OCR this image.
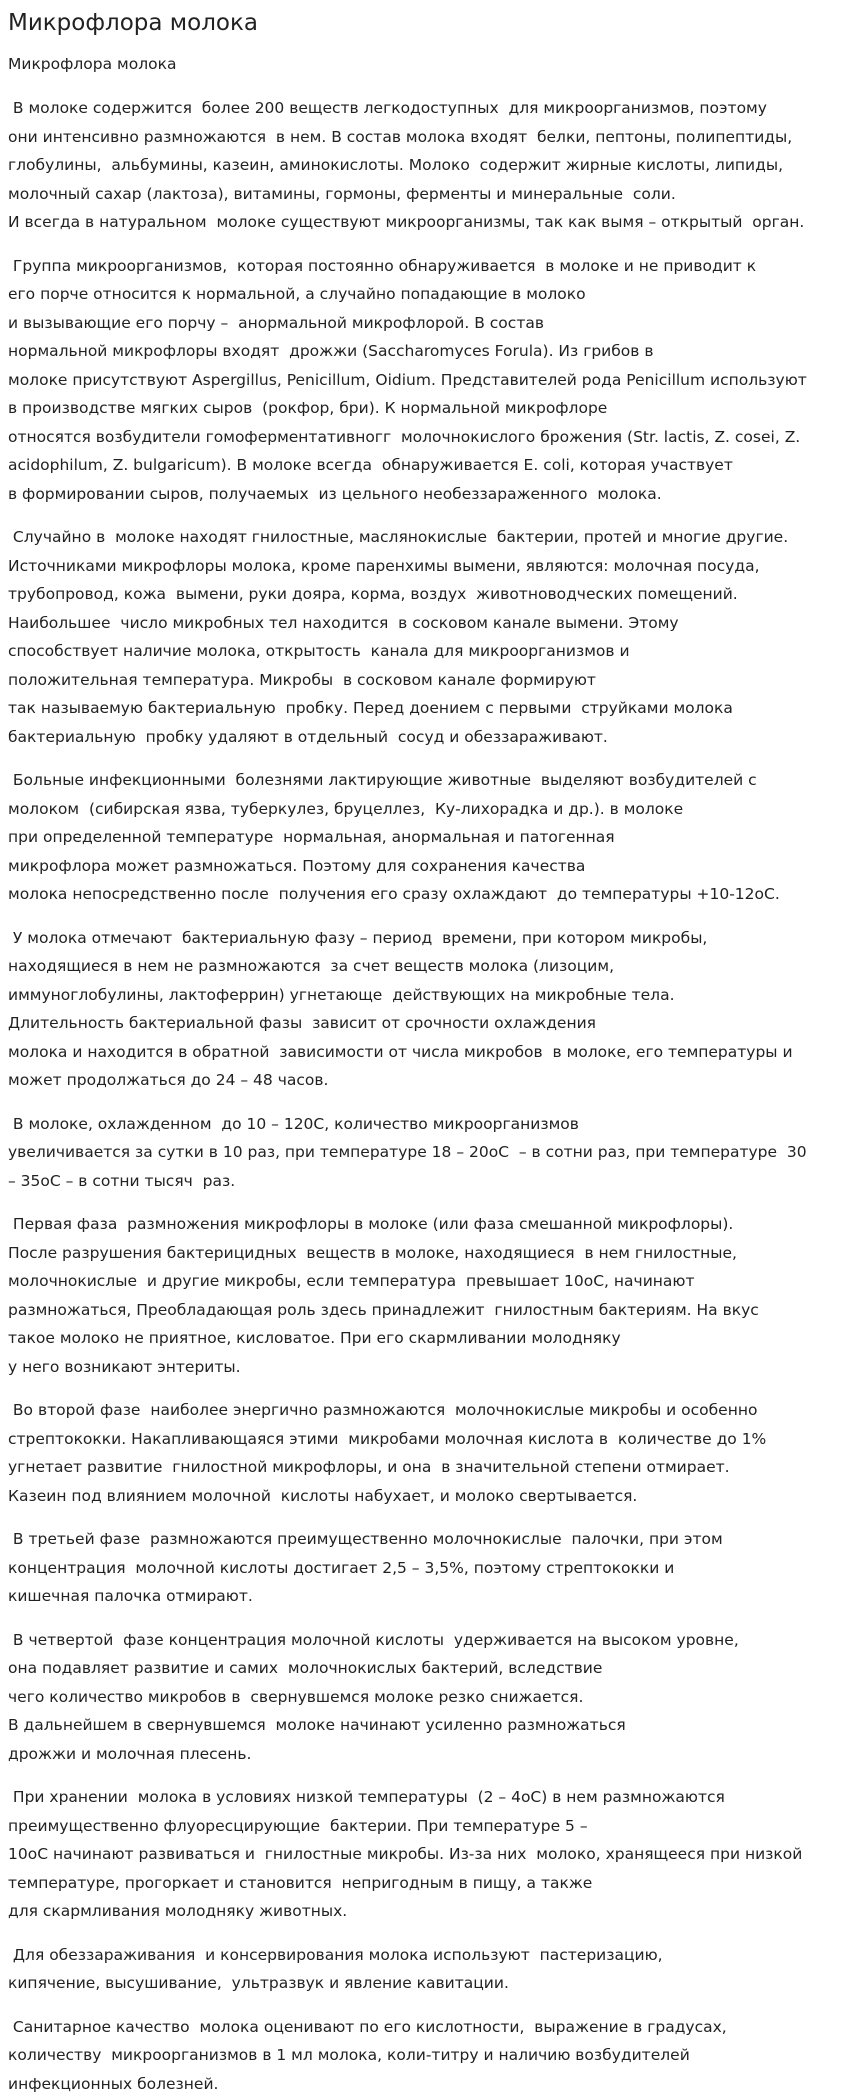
Микрофлора молока
Микрофлора молока

В молоке содержится  более 200 веществ легкодоступных  для микроорганизмов, поэтому
они интенсивно размножаются  в нем. В состав молока входят  белки, пептоны, полипептиды,
глобулины,  альбумины, казеин, аминокислоты. Молоко  содержит жирные кислоты, липиды,
молочный сахар (лактоза), витамины, гормоны, ферменты и минеральные  соли.
И всегда в натуральном  молоке существуют микроорганизмы, так как вымя – открытый  орган.

Группа микроорганизмов,  которая постоянно обнаруживается  в молоке и не приводит к
его порче относится к нормальной, а случайно попадающие в молоко
и вызывающие его порчу –  анормальной микрофлорой. В состав
нормальной микрофлоры входят  дрожжи (Saccharomyces Forula). Из грибов в
молоке присутствуют Aspergillus, Penicillum, Oidium. Представителей рода Penicillum используют
в производстве мягких сыров  (рокфор, бри). К нормальной микрофлоре
относятся возбудители гомоферментативногг  молочнокислого брожения (Str. lactis, Z. cosei, Z.
acidophilum, Z. bulgaricum). В молоке всегда  обнаруживается E. coli, которая участвует
в формировании сыров, получаемых  из цельного необеззараженного  молока.

Случайно в  молоке находят гнилостные, маслянокислые  бактерии, протей и многие другие.
Источниками микрофлоры молока, кроме паренхимы вымени, являются: молочная посуда,
трубопровод, кожа  вымени, руки дояра, корма, воздух  животноводческих помещений.
Наибольшее  число микробных тел находится  в сосковом канале вымени. Этому
способствует наличие молока, открытость  канала для микроорганизмов и
положительная температура. Микробы  в сосковом канале формируют
так называемую бактериальную  пробку. Перед доением с первыми  струйками молока
бактериальную  пробку удаляют в отдельный  сосуд и обеззараживают.

Больные инфекционными  болезнями лактирующие животные  выделяют возбудителей с
молоком  (сибирская язва, туберкулез, бруцеллез,  Ку-лихорадка и др.). в молоке
при определенной температуре  нормальная, анормальная и патогенная
микрофлора может размножаться. Поэтому для сохранения качества
молока непосредственно после  получения его сразу охлаждают  до температуры +10-12оС.

У молока отмечают  бактериальную фазу – период  времени, при котором микробы,
находящиеся в нем не размножаются  за счет веществ молока (лизоцим,
иммуноглобулины, лактоферрин) угнетающе  действующих на микробные тела.
Длительность бактериальной фазы  зависит от срочности охлаждения
молока и находится в обратной  зависимости от числа микробов  в молоке, его температуры и
может продолжаться до 24 – 48 часов.

В молоке, охлажденном  до 10 – 120С, количество микроорганизмов
увеличивается за сутки в 10 раз, при температуре 18 – 20оС  – в сотни раз, при температуре  30
– 35оС – в сотни тысяч  раз.

Первая фаза  размножения микрофлоры в молоке (или фаза смешанной микрофлоры).
После разрушения бактерицидных  веществ в молоке, находящиеся  в нем гнилостные,
молочнокислые  и другие микробы, если температура  превышает 10оС, начинают
размножаться, Преобладающая роль здесь принадлежит  гнилостным бактериям. На вкус
такое молоко не приятное, кисловатое. При его скармливании молодняку
у него возникают энтериты.

Во второй фазе  наиболее энергично размножаются  молочнокислые микробы и особенно
стрептококки. Накапливающаяся этими  микробами молочная кислота в  количестве до 1%
угнетает развитие  гнилостной микрофлоры, и она  в значительной степени отмирает.
Казеин под влиянием молочной  кислоты набухает, и молоко свертывается.

В третьей фазе  размножаются преимущественно молочнокислые  палочки, при этом
концентрация  молочной кислоты достигает 2,5 – 3,5%, поэтому стрептококки и
кишечная палочка отмирают.

В четвертой  фазе концентрация молочной кислоты  удерживается на высоком уровне,
она подавляет развитие и самих  молочнокислых бактерий, вследствие
чего количество микробов в  свернувшемся молоке резко снижается.
В дальнейшем в свернувшемся  молоке начинают усиленно размножаться
дрожжи и молочная плесень.

При хранении  молока в условиях низкой температуры  (2 – 4оС) в нем размножаются
преимущественно флуоресцирующие  бактерии. При температуре 5 –
10оС начинают развиваться и  гнилостные микробы. Из-за них  молоко, хранящееся при низкой
температуре, прогоркает и становится  непригодным в пищу, а также
для скармливания молодняку животных.

Для обеззараживания  и консервирования молока используют  пастеризацию,
кипячение, высушивание,  ультразвук и явление кавитации.

Санитарное качество  молока оценивают по его кислотности,  выражение в градусах,
количеству  микроорганизмов в 1 мл молока, коли-титру и наличию возбудителей
инфекционных болезней.
